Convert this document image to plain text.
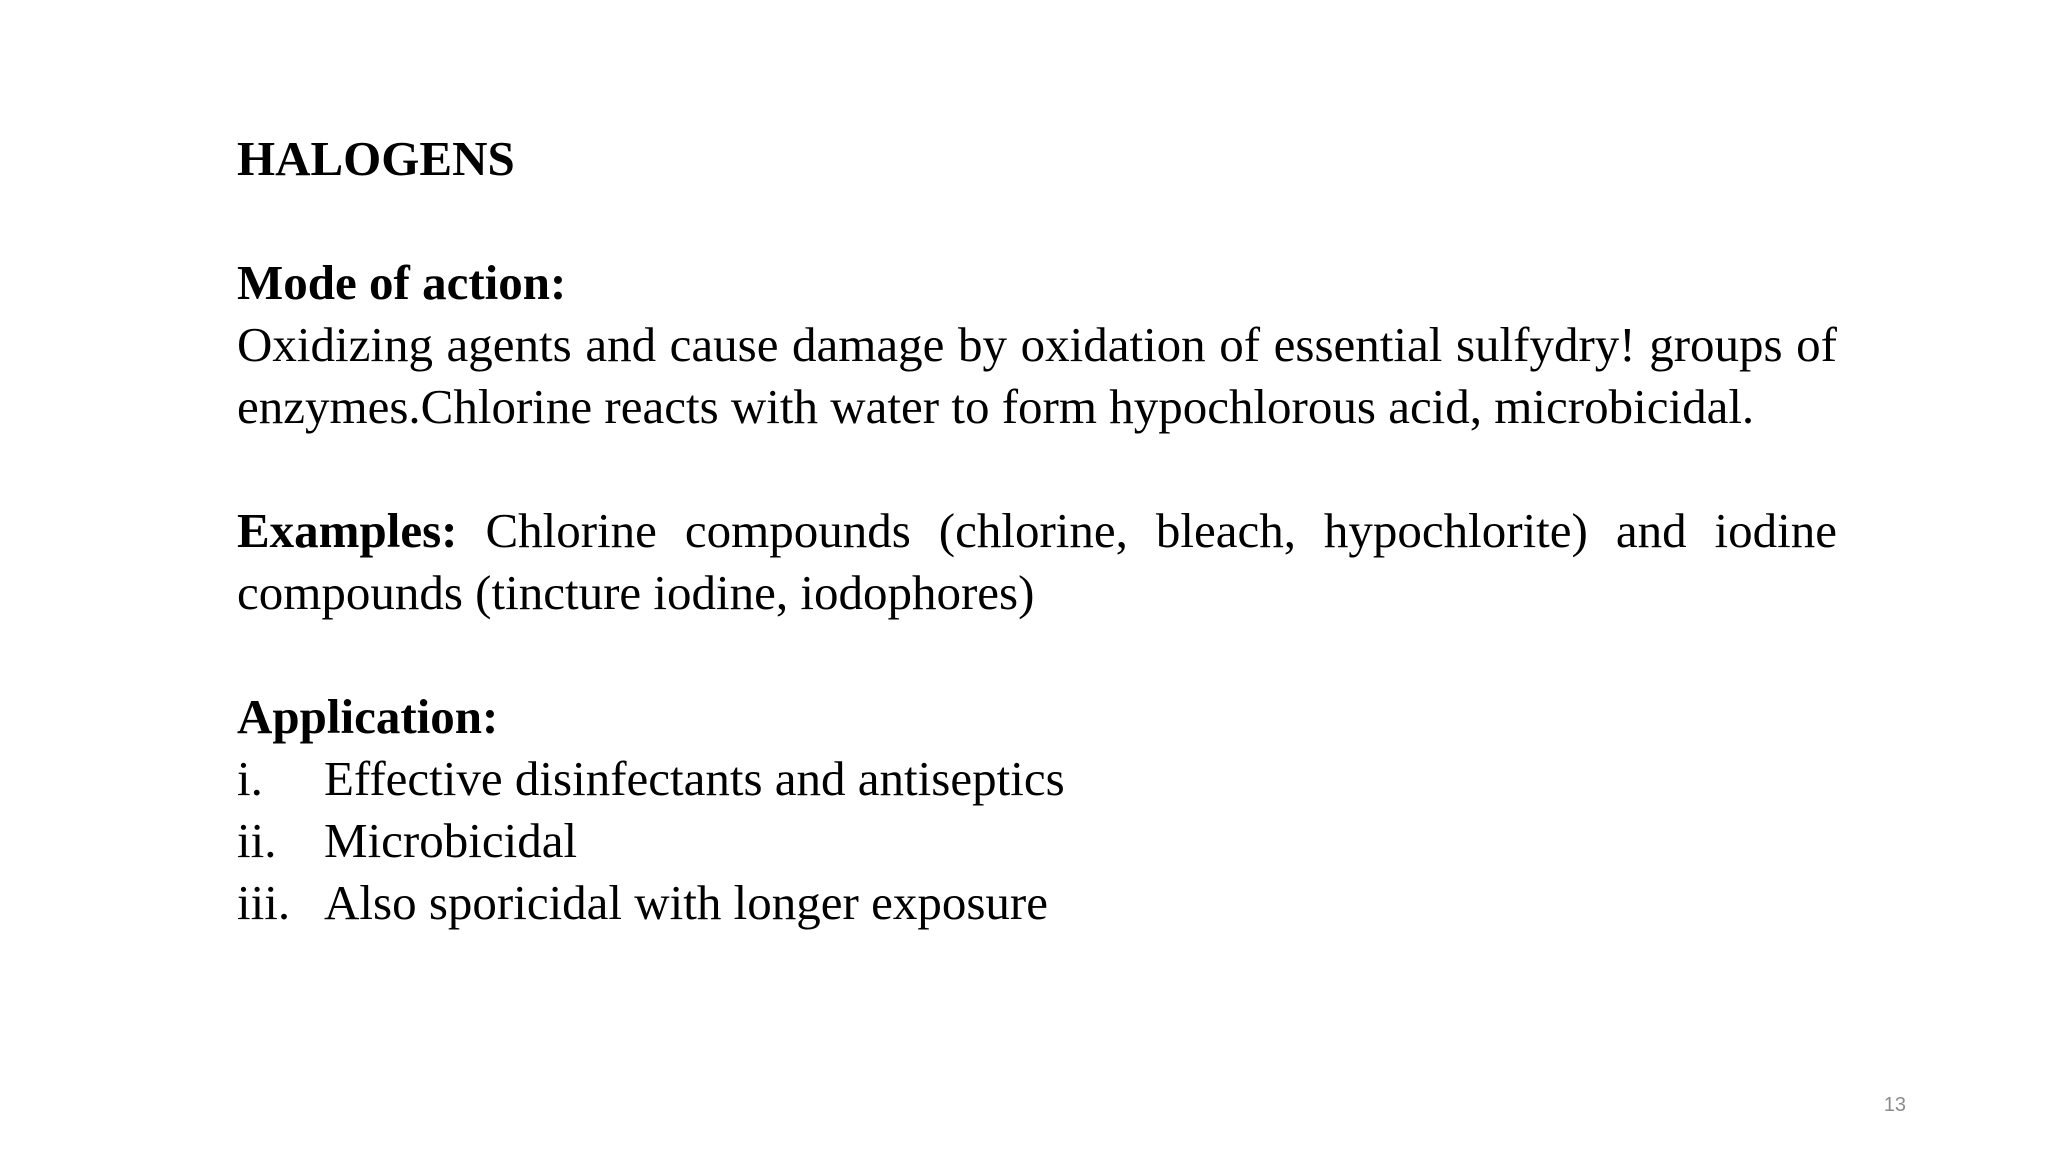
HALOGENS

Mode of action:

Oxidizing agents and cause damage by oxidation of essential sulfydry! groups of enzymes.Chlorine reacts with water to form hypochlorous acid, microbicidal.

Examples: Chlorine compounds (chlorine, bleach, hypochlorite) and iodine compounds (tincture iodine, iodophores)

Application:

i.	Effective disinfectants and antiseptics
ii. Microbicidal
iii. Also sporicidal with longer exposure
13
